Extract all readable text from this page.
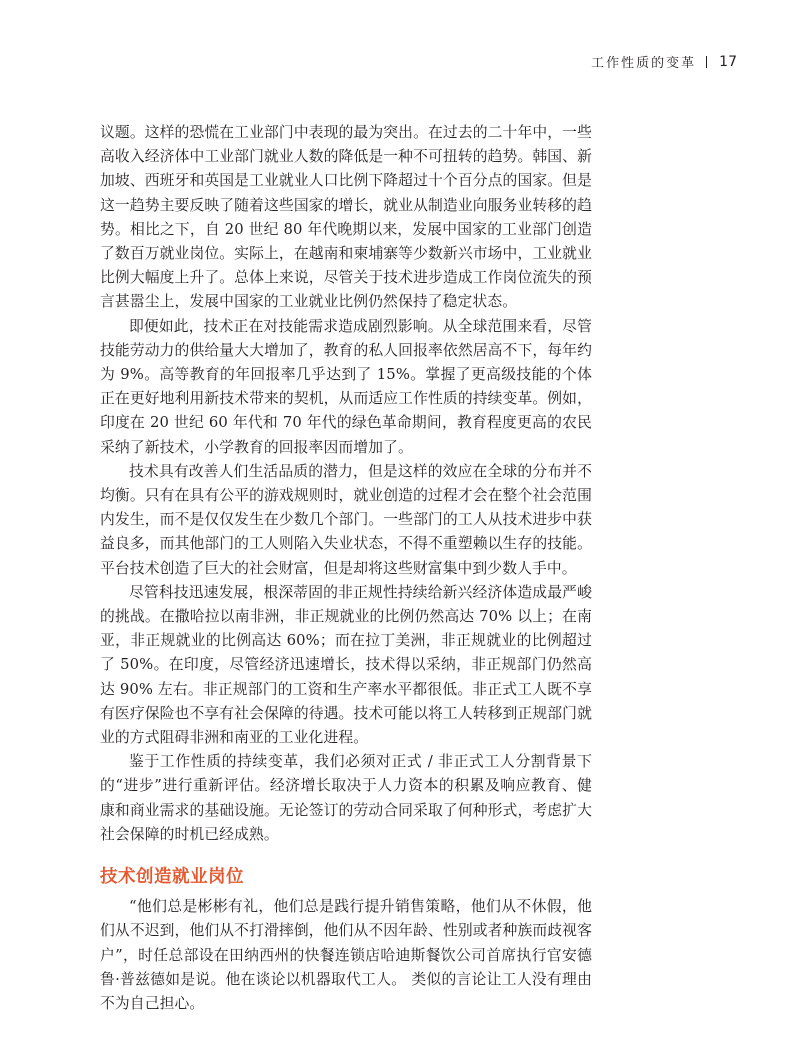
工作性质的变革 17

议题。这样的恐慌在工业部门中表现的最为突出。在过去的二十年中，一些高收入经济体中工业部门就业人数的降低是一种不可扭转的趋势。韩国、新加坡、西班牙和英国是工业就业人口比例下降超过十个百分点的国家。但是这一趋势主要反映了随着这些国家的增长，就业从制造业向服务业转移的趋势。相比之下，自 20 世纪 80 年代晚期以来，发展中国家的工业部门创造了数百万就业岗位。实际上，在越南和柬埔寨等少数新兴市场中，工业就业比例大幅度上升了。总体上来说，尽管关于技术进步造成工作岗位流失的预言甚嚣尘上，发展中国家的工业就业比例仍然保持了稳定状态。

即便如此，技术正在对技能需求造成剧烈影响。从全球范围来看，尽管技能劳动力的供给量大大增加了，教育的私人回报率依然居高不下，每年约为 9%。高等教育的年回报率几乎达到了 15%。掌握了更高级技能的个体正在更好地利用新技术带来的契机，从而适应工作性质的持续变革。例如，印度在 20 世纪 60 年代和 70 年代的绿色革命期间，教育程度更高的农民采纳了新技术，小学教育的回报率因而增加了。

技术具有改善人们生活品质的潜力，但是这样的效应在全球的分布并不均衡。只有在具有公平的游戏规则时，就业创造的过程才会在整个社会范围内发生，而不是仅仅发生在少数几个部门。一些部门的工人从技术进步中获益良多，而其他部门的工人则陷入失业状态，不得不重塑赖以生存的技能。平台技术创造了巨大的社会财富，但是却将这些财富集中到少数人手中。

尽管科技迅速发展，根深蒂固的非正规性持续给新兴经济体造成最严峻的挑战。在撒哈拉以南非洲，非正规就业的比例仍然高达 70% 以上；在南亚，非正规就业的比例高达 60%；而在拉丁美洲，非正规就业的比例超过了 50%。在印度，尽管经济迅速增长，技术得以采纳，非正规部门仍然高达 90% 左右。非正规部门的工资和生产率水平都很低。非正式工人既不享有医疗保险也不享有社会保障的待遇。技术可能以将工人转移到正规部门就业的方式阻碍非洲和南亚的工业化进程。

鉴于工作性质的持续变革，我们必须对正式 / 非正式工人分割背景下的“进步”进行重新评估。经济增长取决于人力资本的积累及响应教育、健康和商业需求的基础设施。无论签订的劳动合同采取了何种形式，考虑扩大社会保障的时机已经成熟。

技术创造就业岗位

“他们总是彬彬有礼，他们总是践行提升销售策略，他们从不休假，他们从不迟到，他们从不打滑摔倒，他们从不因年龄、性别或者种族而歧视客户”，时任总部设在田纳西州的快餐连锁店哈迪斯餐饮公司首席执行官安德鲁·普兹德如是说。他在谈论以机器取代工人。 类似的言论让工人没有理由不为自己担心。
